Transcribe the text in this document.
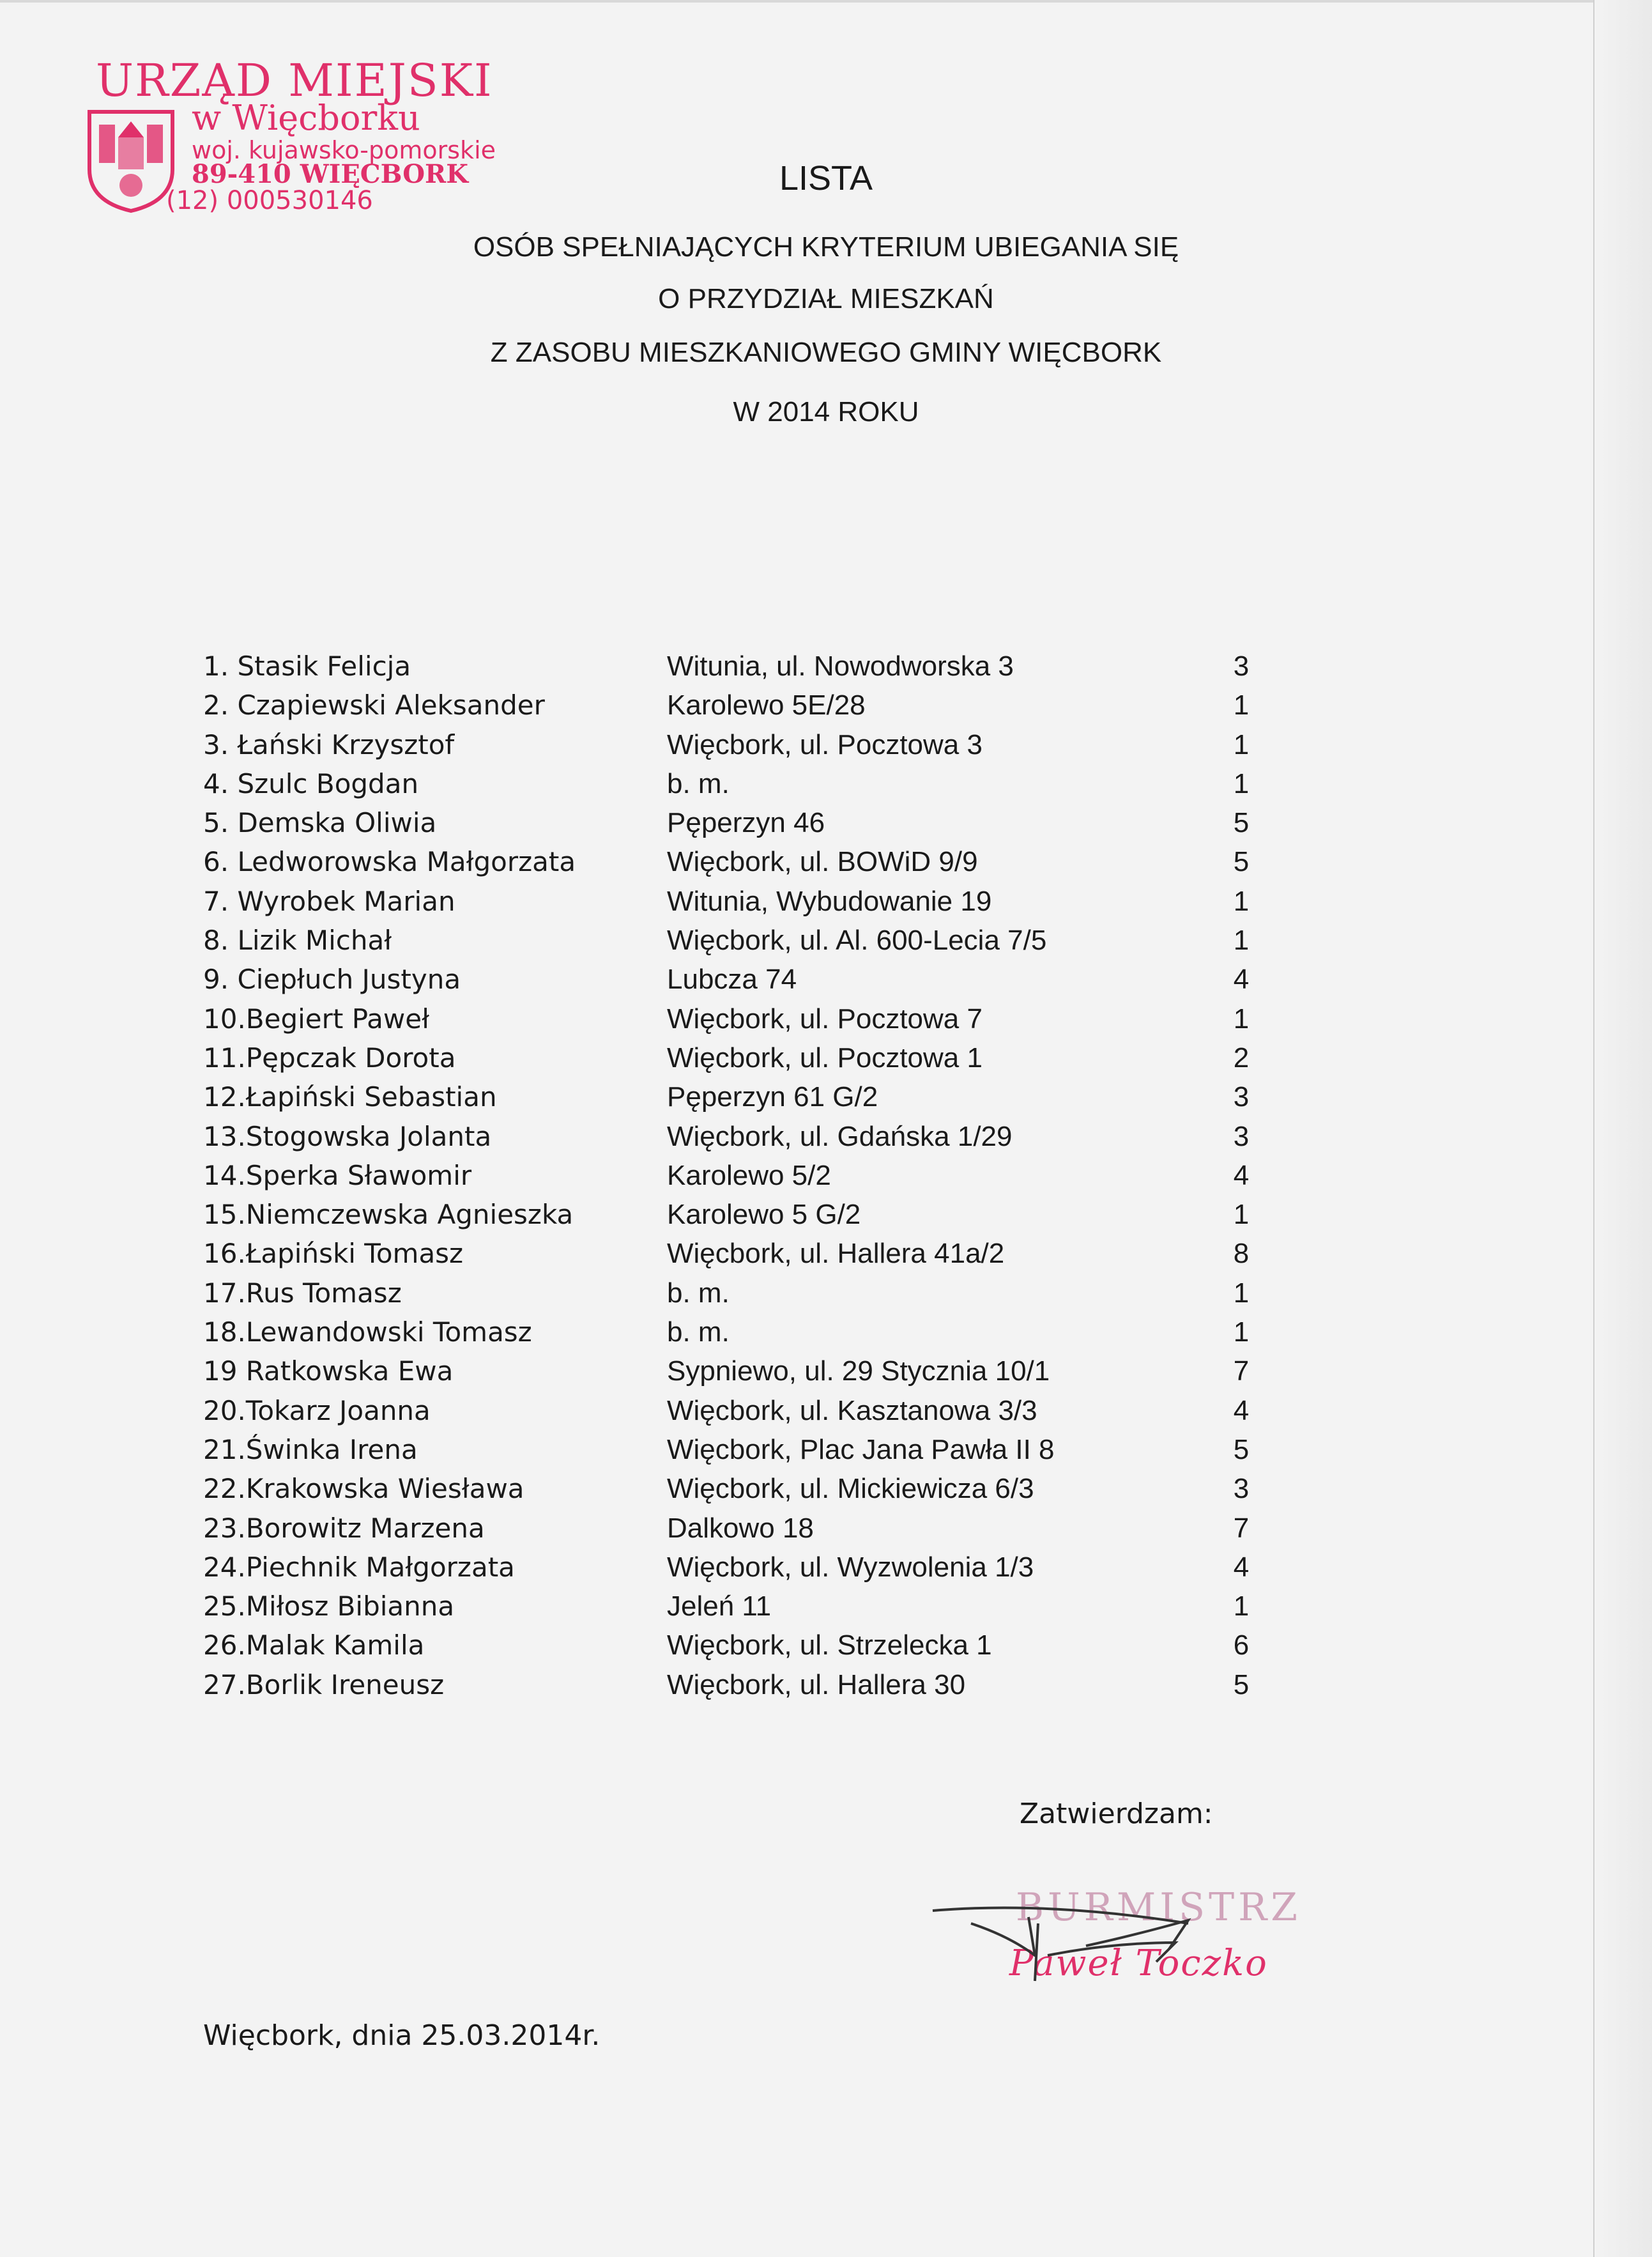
URZĄD MIEJSKI
w Więcborku
woj. kujawsko-pomorskie
89-410 WIĘCBORK
(12) 000530146
LISTA
OSÓB SPEŁNIAJĄCYCH KRYTERIUM UBIEGANIA SIĘ
O PRZYDZIAŁ MIESZKAŃ
Z ZASOBU MIESZKANIOWEGO GMINY WIĘCBORK
W 2014 ROKU
1. Stasik Felicja	Witunia, ul. Nowodworska 3	3
2. Czapiewski Aleksander	Karolewo 5E/28	1
3. Łański Krzysztof	Więcbork, ul. Pocztowa 3	1
4. Szulc Bogdan	b. m.	1
5. Demska Oliwia	Pęperzyn 46	5
6. Ledworowska Małgorzata	Więcbork, ul. BOWiD 9/9	5
7. Wyrobek Marian	Witunia, Wybudowanie 19	1
8. Lizik Michał	Więcbork, ul. Al. 600-Lecia 7/5	1
9. Ciepłuch Justyna	Lubcza 74	4
10.Begiert Paweł	Więcbork, ul. Pocztowa 7	1
11.Pępczak Dorota	Więcbork, ul. Pocztowa 1	2
12.Łapiński Sebastian	Pęperzyn 61 G/2	3
13.Stogowska Jolanta	Więcbork, ul. Gdańska 1/29	3
14.Sperka Sławomir	Karolewo 5/2	4
15.Niemczewska Agnieszka	Karolewo 5 G/2	1
16.Łapiński Tomasz	Więcbork, ul. Hallera 41a/2	8
17.Rus Tomasz	b. m.	1
18.Lewandowski Tomasz	b. m.	1
19 Ratkowska Ewa	Sypniewo, ul. 29 Stycznia 10/1	7
20.Tokarz Joanna	Więcbork, ul. Kasztanowa 3/3	4
21.Świnka Irena	Więcbork, Plac Jana Pawła II 8	5
22.Krakowska Wiesława	Więcbork, ul. Mickiewicza 6/3	3
23.Borowitz Marzena	Dalkowo 18	7
24.Piechnik Małgorzata	Więcbork, ul. Wyzwolenia 1/3	4
25.Miłosz Bibianna	Jeleń 11	1
26.Malak Kamila	Więcbork, ul. Strzelecka 1	6
27.Borlik Ireneusz	Więcbork, ul. Hallera 30	5
Zatwierdzam:
BURMISTRZ
Paweł Toczko
Więcbork, dnia 25.03.2014r.
